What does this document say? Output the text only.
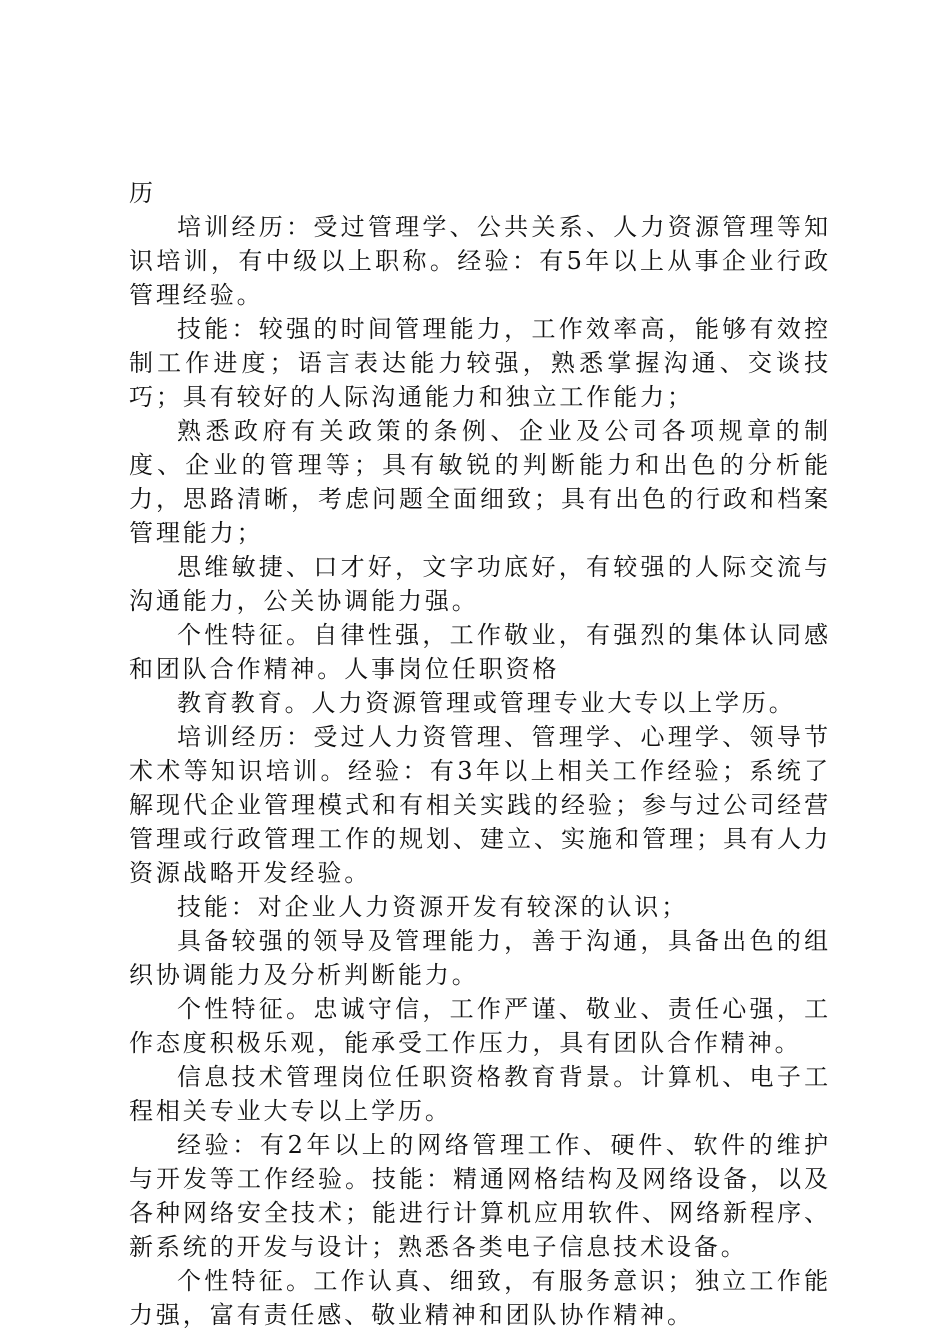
历

培训经历：受过管理学、公共关系、人力资源管理等知识培训，有中级以上职称。经验：有5年以上从事企业行政管理经验。

技能：较强的时间管理能力，工作效率高，能够有效控制工作进度；语言表达能力较强，熟悉掌握沟通、交谈技巧；具有较好的人际沟通能力和独立工作能力；

熟悉政府有关政策的条例、企业及公司各项规章的制度、企业的管理等；具有敏锐的判断能力和出色的分析能力，思路清晰，考虑问题全面细致；具有出色的行政和档案管理能力；

思维敏捷、口才好，文字功底好，有较强的人际交流与沟通能力，公关协调能力强。

个性特征。自律性强，工作敬业，有强烈的集体认同感和团队合作精神。人事岗位任职资格

教育教育。人力资源管理或管理专业大专以上学历。

培训经历：受过人力资管理、管理学、心理学、领导节术术等知识培训。经验：有3年以上相关工作经验；系统了解现代企业管理模式和有相关实践的经验；参与过公司经营管理或行政管理工作的规划、建立、实施和管理；具有人力资源战略开发经验。

技能：对企业人力资源开发有较深的认识；

具备较强的领导及管理能力，善于沟通，具备出色的组织协调能力及分析判断能力。

个性特征。忠诚守信，工作严谨、敬业、责任心强，工作态度积极乐观，能承受工作压力，具有团队合作精神。

信息技术管理岗位任职资格教育背景。计算机、电子工程相关专业大专以上学历。

经验：有2年以上的网络管理工作、硬件、软件的维护与开发等工作经验。技能：精通网格结构及网络设备，以及各种网络安全技术；能进行计算机应用软件、网络新程序、新系统的开发与设计；熟悉各类电子信息技术设备。

个性特征。工作认真、细致，有服务意识；独立工作能力强，富有责任感、敬业精神和团队协作精神。
